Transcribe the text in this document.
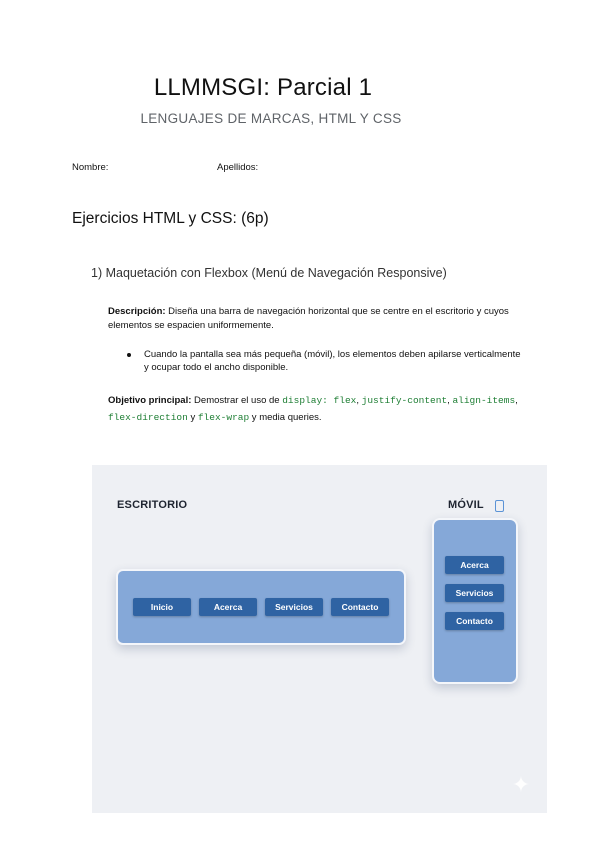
LLMMSGI: Parcial 1
LENGUAJES DE MARCAS, HTML Y CSS
Nombre:	Apellidos:
Ejercicios HTML y CSS: (6p)
1) Maquetación con Flexbox (Menú de Navegación Responsive)
Descripción: Diseña una barra de navegación horizontal que se centre en el escritorio y cuyos elementos se espacien uniformemente.
Cuando la pantalla sea más pequeña (móvil), los elementos deben apilarse verticalmente y ocupar todo el ancho disponible.
Objetivo principal: Demostrar el uso de display: flex, justify-content, align-items, flex-direction y flex-wrap y media queries.
ESCRITORIO	MÓVIL
Inicio	Acerca	Servicios	Contacto
Acerca
Servicios
Contacto
✦
